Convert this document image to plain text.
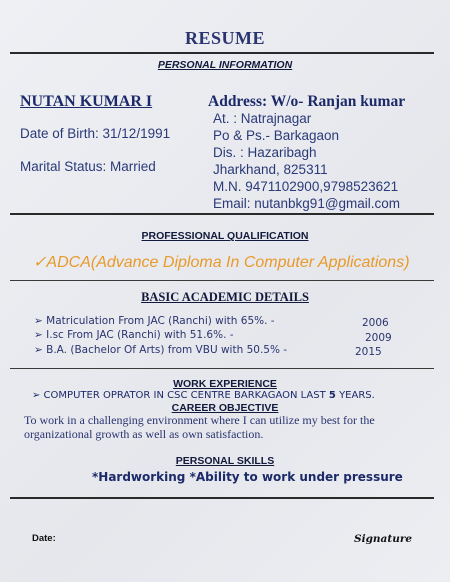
RESUME
PERSONAL INFORMATION
NUTAN KUMAR I
Date of Birth: 31/12/1991
Marital Status: Married
Address: W/o- Ranjan kumar
At. : Natrajnagar
Po & Ps.- Barkagaon
Dis. : Hazaribagh
Jharkhand, 825311
M.N. 9471102900,9798523621
Email: nutanbkg91@gmail.com
PROFESSIONAL QUALIFICATION
✓ADCA(Advance Diploma In Computer Applications)
BASIC ACADEMIC DETAILS
➢ Matriculation From JAC (Ranchi) with 65%. -	2006
➢ I.sc From JAC (Ranchi) with 51.6%. -	2009
➢ B.A. (Bachelor Of Arts) from VBU with 50.5% -	2015
WORK EXPERIENCE
➢ COMPUTER OPRATOR IN CSC CENTRE BARKAGAON LAST 5 YEARS.
CAREER OBJECTIVE
To work in a challenging environment where I can utilize my best for the organizational growth as well as own satisfaction.
PERSONAL SKILLS
*Hardworking *Ability to work under pressure
Date:	Signature
